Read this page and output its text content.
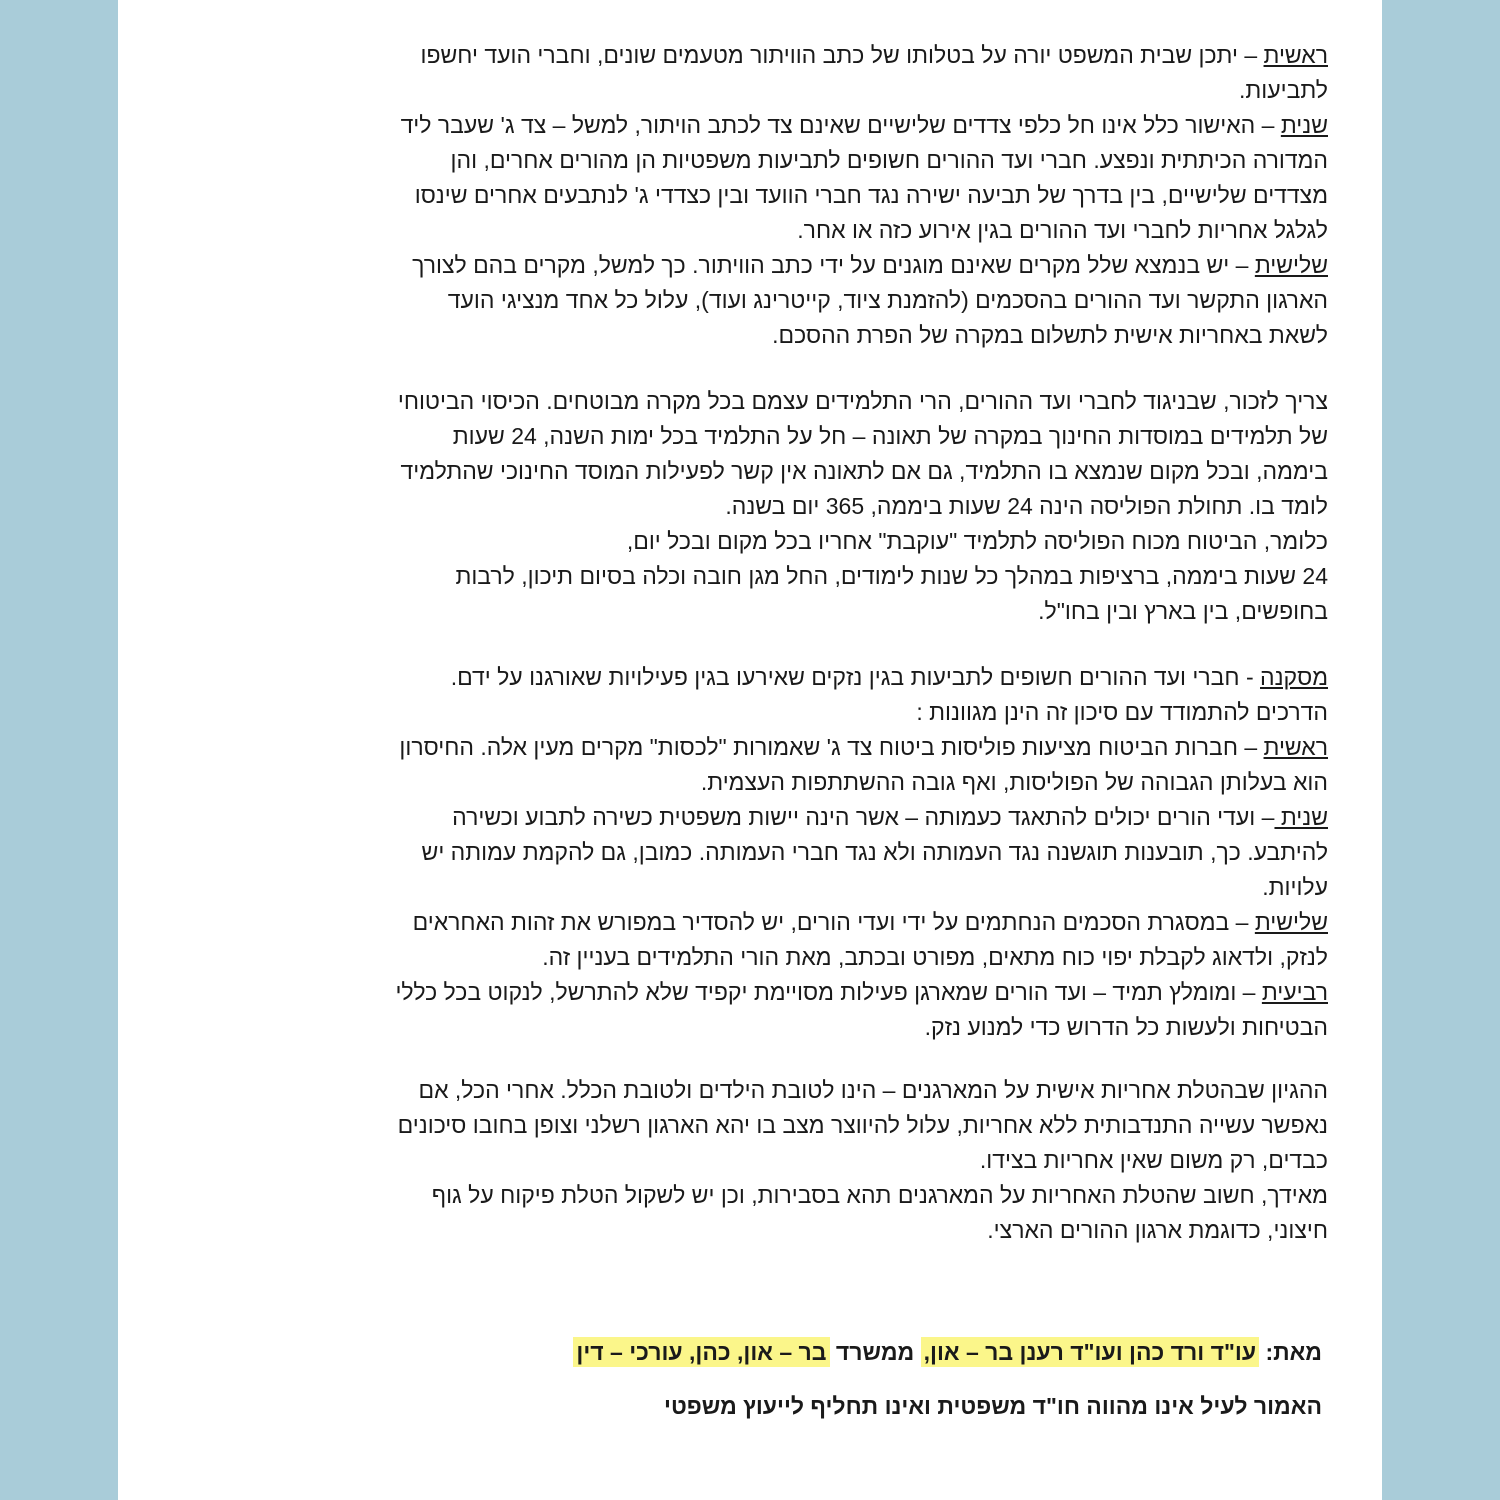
ראשית – יתכן שבית המשפט יורה על בטלותו של כתב הוויתור מטעמים שונים, וחברי הועד יחשפו
לתביעות.
שנית – האישור כלל אינו חל כלפי צדדים שלישיים שאינם צד לכתב הויתור, למשל – צד ג' שעבר ליד
המדורה הכיתתית ונפצע. חברי ועד ההורים חשופים לתביעות משפטיות הן מהורים אחרים, והן
מצדדים שלישיים, בין בדרך של תביעה ישירה נגד חברי הוועד ובין כצדדי ג' לנתבעים אחרים שינסו
לגלגל אחריות לחברי ועד ההורים בגין אירוע כזה או אחר.
שלישית – יש בנמצא שלל מקרים שאינם מוגנים על ידי כתב הוויתור. כך למשל, מקרים בהם לצורך
הארגון התקשר ועד ההורים בהסכמים (להזמנת ציוד, קייטרינג ועוד), עלול כל אחד מנציגי הועד
לשאת באחריות אישית לתשלום במקרה של הפרת ההסכם.
צריך לזכור, שבניגוד לחברי ועד ההורים, הרי התלמידים עצמם בכל מקרה מבוטחים. הכיסוי הביטוחי
של תלמידים במוסדות החינוך במקרה של תאונה – חל על התלמיד בכל ימות השנה, 24 שעות
ביממה, ובכל מקום שנמצא בו התלמיד, גם אם לתאונה אין קשר לפעילות המוסד החינוכי שהתלמיד
לומד בו. תחולת הפוליסה הינה 24 שעות ביממה, 365 יום בשנה.
כלומר, הביטוח מכוח הפוליסה לתלמיד "עוקבת" אחריו בכל מקום ובכל יום,
24 שעות ביממה, ברציפות במהלך כל שנות לימודים, החל מגן חובה וכלה בסיום תיכון, לרבות
בחופשים, בין בארץ ובין בחו"ל.
מסקנה - חברי ועד ההורים חשופים לתביעות בגין נזקים שאירעו בגין פעילויות שאורגנו על ידם.
הדרכים להתמודד עם סיכון זה הינן מגוונות :
ראשית – חברות הביטוח מציעות פוליסות ביטוח צד ג' שאמורות "לכסות" מקרים מעין אלה. החיסרון
הוא בעלותן הגבוהה של הפוליסות, ואף גובה ההשתתפות העצמית.
שנית – ועדי הורים יכולים להתאגד כעמותה – אשר הינה יישות משפטית כשירה לתבוע וכשירה
להיתבע. כך, תובענות תוגשנה נגד העמותה ולא נגד חברי העמותה. כמובן, גם להקמת עמותה יש
עלויות.
שלישית – במסגרת הסכמים הנחתמים על ידי ועדי הורים, יש להסדיר במפורש את זהות האחראים
לנזק, ולדאוג לקבלת יפוי כוח מתאים, מפורט ובכתב, מאת הורי התלמידים בעניין זה.
רביעית – ומומלץ תמיד – ועד הורים שמארגן פעילות מסויימת יקפיד שלא להתרשל, לנקוט בכל כללי
הבטיחות ולעשות כל הדרוש כדי למנוע נזק.
ההגיון שבהטלת אחריות אישית על המארגנים – הינו לטובת הילדים ולטובת הכלל. אחרי הכל, אם
נאפשר עשייה התנדבותית ללא אחריות, עלול להיווצר מצב בו יהא הארגון רשלני וצופן בחובו סיכונים
כבדים, רק משום שאין אחריות בצידו.
מאידך, חשוב שהטלת האחריות על המארגנים תהא בסבירות, וכן יש לשקול הטלת פיקוח על גוף
חיצוני, כדוגמת ארגון ההורים הארצי.
מאת: עו"ד ורד כהן ועו"ד רענן בר – און, ממשרד בר – און, כהן, עורכי – דין
האמור לעיל אינו מהווה חו"ד משפטית ואינו תחליף לייעוץ משפטי
